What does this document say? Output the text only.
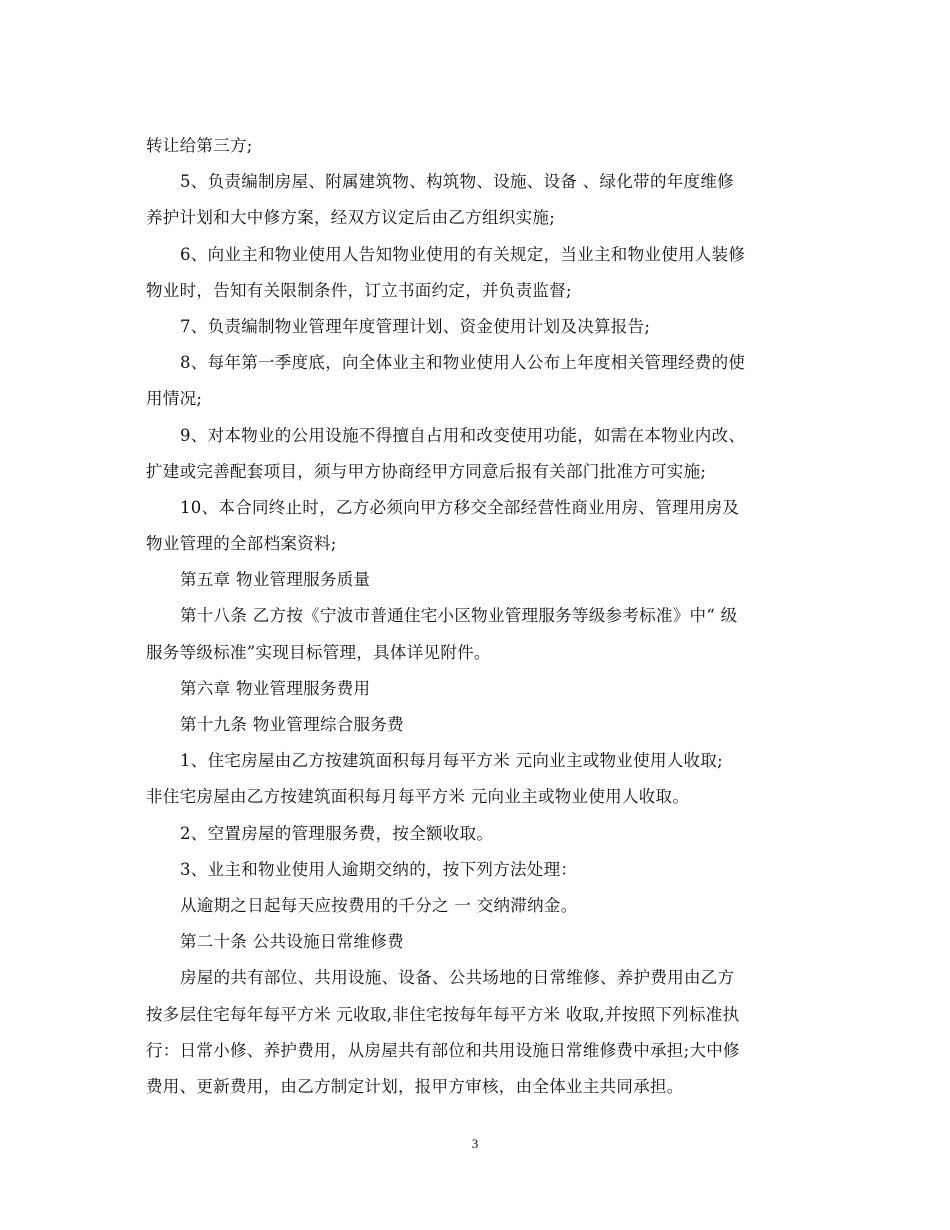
转让给第三方;
5、负责编制房屋、附属建筑物、构筑物、设施、设备 、绿化带的年度维修
养护计划和大中修方案，经双方议定后由乙方组织实施;
6、向业主和物业使用人告知物业使用的有关规定，当业主和物业使用人装修
物业时，告知有关限制条件，订立书面约定，并负责监督;
7、负责编制物业管理年度管理计划、资金使用计划及决算报告;
8、每年第一季度底，向全体业主和物业使用人公布上年度相关管理经费的使
用情况;
9、对本物业的公用设施不得擅自占用和改变使用功能，如需在本物业内改、
扩建或完善配套项目，须与甲方协商经甲方同意后报有关部门批准方可实施;
10、本合同终止时，乙方必须向甲方移交全部经营性商业用房、管理用房及
物业管理的全部档案资料;
第五章 物业管理服务质量
第十八条 乙方按《宁波市普通住宅小区物业管理服务等级参考标准》中“ 级
服务等级标准”实现目标管理，具体详见附件。
第六章 物业管理服务费用
第十九条 物业管理综合服务费
1、住宅房屋由乙方按建筑面积每月每平方米 元向业主或物业使用人收取;
非住宅房屋由乙方按建筑面积每月每平方米 元向业主或物业使用人收取。
2、空置房屋的管理服务费，按全额收取。
3、业主和物业使用人逾期交纳的，按下列方法处理：
从逾期之日起每天应按费用的千分之 一 交纳滞纳金。
第二十条 公共设施日常维修费
房屋的共有部位、共用设施、设备、公共场地的日常维修、养护费用由乙方
按多层住宅每年每平方米 元收取,非住宅按每年每平方米 收取,并按照下列标准执
行：日常小修、养护费用，从房屋共有部位和共用设施日常维修费中承担;大中修
费用、更新费用，由乙方制定计划，报甲方审核，由全体业主共同承担。
3
